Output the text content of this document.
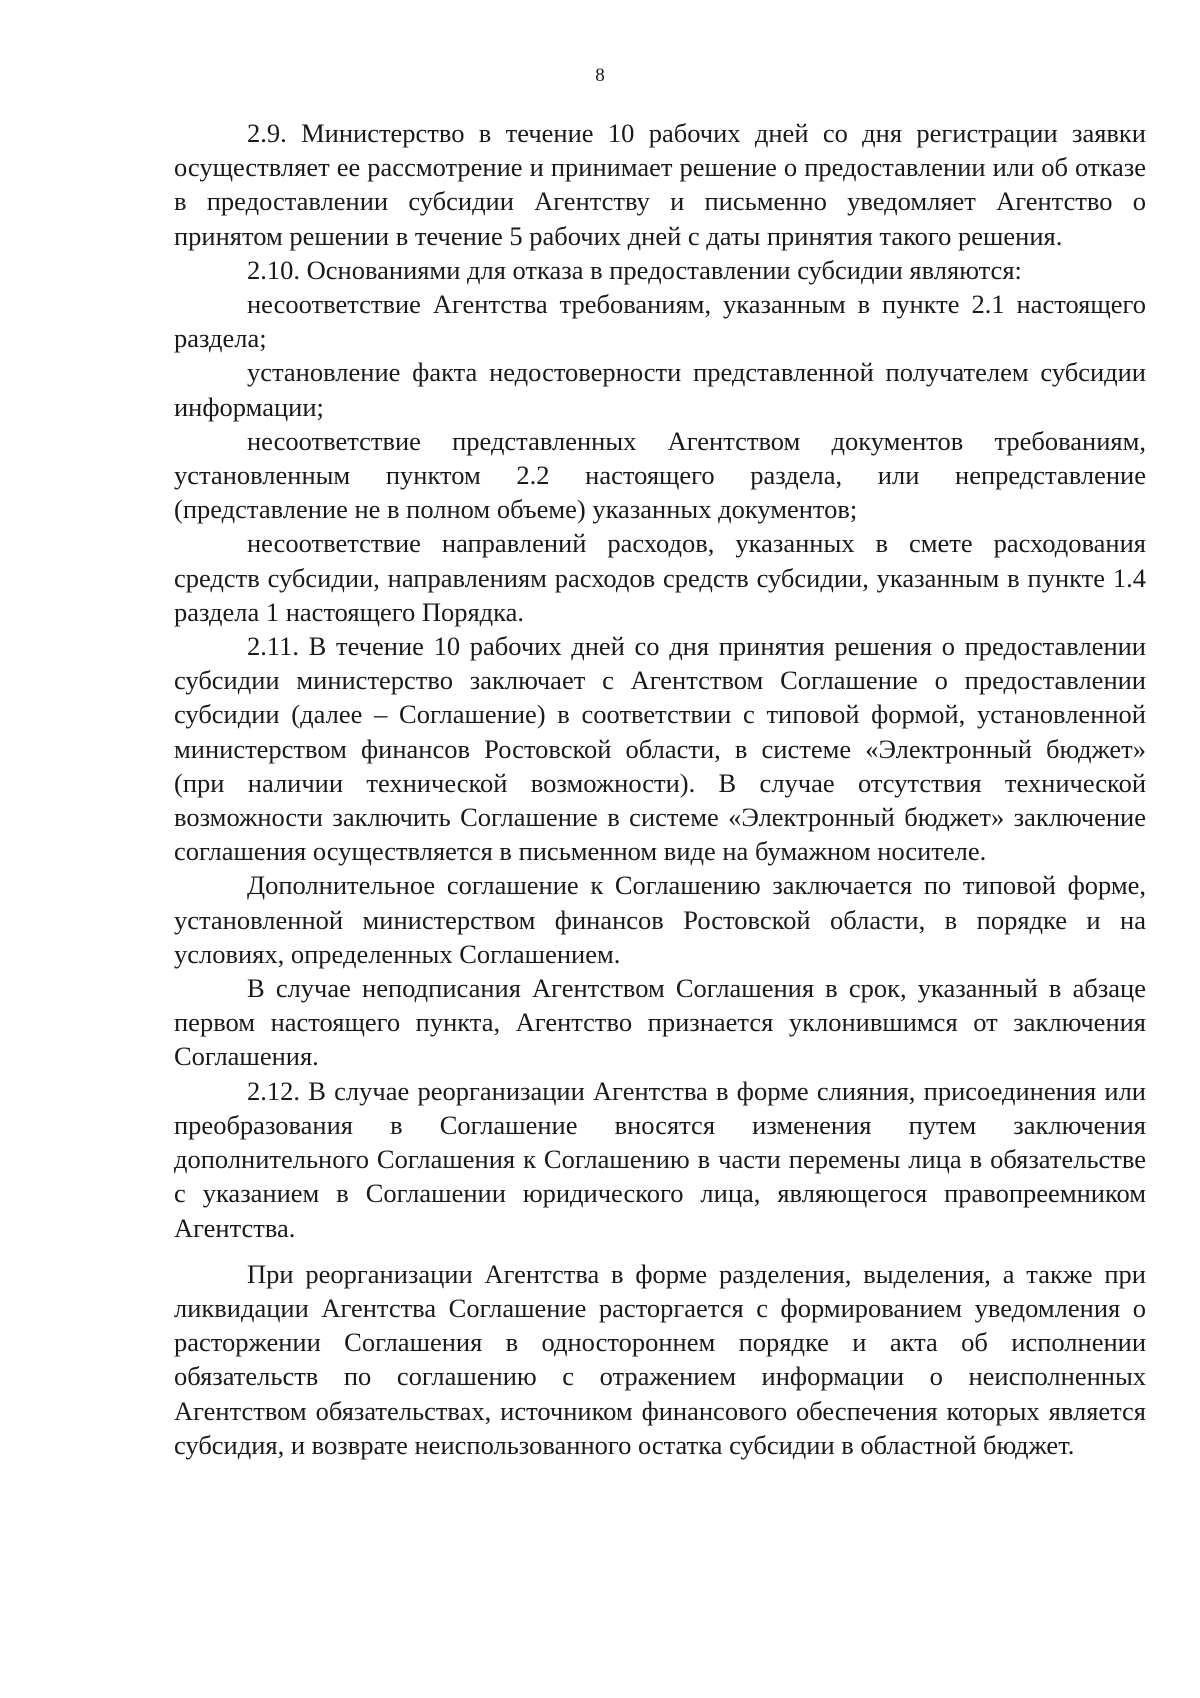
8

2.9. Министерство в течение 10 рабочих дней со дня регистрации заявки осуществляет ее рассмотрение и принимает решение о предоставлении или об отказе в предоставлении субсидии Агентству и письменно уведомляет Агентство о принятом решении в течение 5 рабочих дней с даты принятия такого решения.

2.10. Основаниями для отказа в предоставлении субсидии являются:

несоответствие Агентства требованиям, указанным в пункте 2.1 настоящего раздела;

установление факта недостоверности представленной получателем субсидии информации;

несоответствие представленных Агентством документов требованиям, установленным пунктом 2.2 настоящего раздела, или непредставление (представление не в полном объеме) указанных документов;

несоответствие направлений расходов, указанных в смете расходования средств субсидии, направлениям расходов средств субсидии, указанным в пункте 1.4 раздела 1 настоящего Порядка.

2.11. В течение 10 рабочих дней со дня принятия решения о предоставлении субсидии министерство заключает с Агентством Соглашение о предоставлении субсидии (далее – Соглашение) в соответствии с типовой формой, установленной министерством финансов Ростовской области, в системе «Электронный бюджет» (при наличии технической возможности). В случае отсутствия технической возможности заключить Соглашение в системе «Электронный бюджет» заключение соглашения осуществляется в письменном виде на бумажном носителе.

Дополнительное соглашение к Соглашению заключается по типовой форме, установленной министерством финансов Ростовской области, в порядке и на условиях, определенных Соглашением.

В случае неподписания Агентством Соглашения в срок, указанный в абзаце первом настоящего пункта, Агентство признается уклонившимся от заключения Соглашения.

2.12. В случае реорганизации Агентства в форме слияния, присоединения или преобразования в Соглашение вносятся изменения путем заключения дополнительного Соглашения к Соглашению в части перемены лица в обязательстве с указанием в Соглашении юридического лица, являющегося правопреемником Агентства.

При реорганизации Агентства в форме разделения, выделения, а также при ликвидации Агентства Соглашение расторгается с формированием уведомления о расторжении Соглашения в одностороннем порядке и акта об исполнении обязательств по соглашению с отражением информации о неисполненных Агентством обязательствах, источником финансового обеспечения которых является субсидия, и возврате неиспользованного остатка субсидии в областной бюджет.
